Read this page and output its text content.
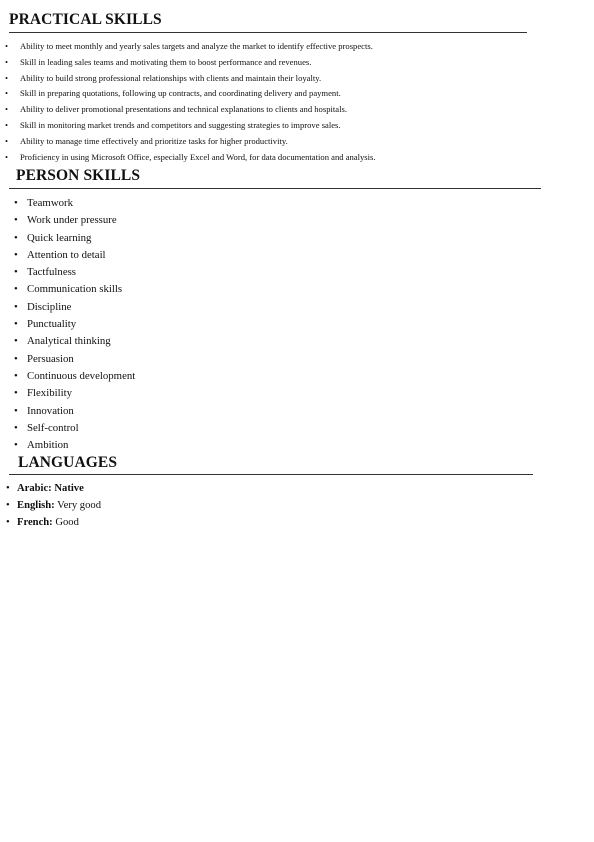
PRACTICAL SKILLS
• Ability to meet monthly and yearly sales targets and analyze the market to identify effective prospects.
• Skill in leading sales teams and motivating them to boost performance and revenues.
• Ability to build strong professional relationships with clients and maintain their loyalty.
• Skill in preparing quotations, following up contracts, and coordinating delivery and payment.
• Ability to deliver promotional presentations and technical explanations to clients and hospitals.
• Skill in monitoring market trends and competitors and suggesting strategies to improve sales.
• Ability to manage time effectively and prioritize tasks for higher productivity.
• Proficiency in using Microsoft Office, especially Excel and Word, for data documentation and analysis.
PERSON SKILLS
• Teamwork
• Work under pressure
• Quick learning
• Attention to detail
• Tactfulness
• Communication skills
• Discipline
• Punctuality
• Analytical thinking
• Persuasion
• Continuous development
• Flexibility
• Innovation
• Self-control
• Ambition
LANGUAGES
• Arabic: Native
• English: Very good
• French: Good
